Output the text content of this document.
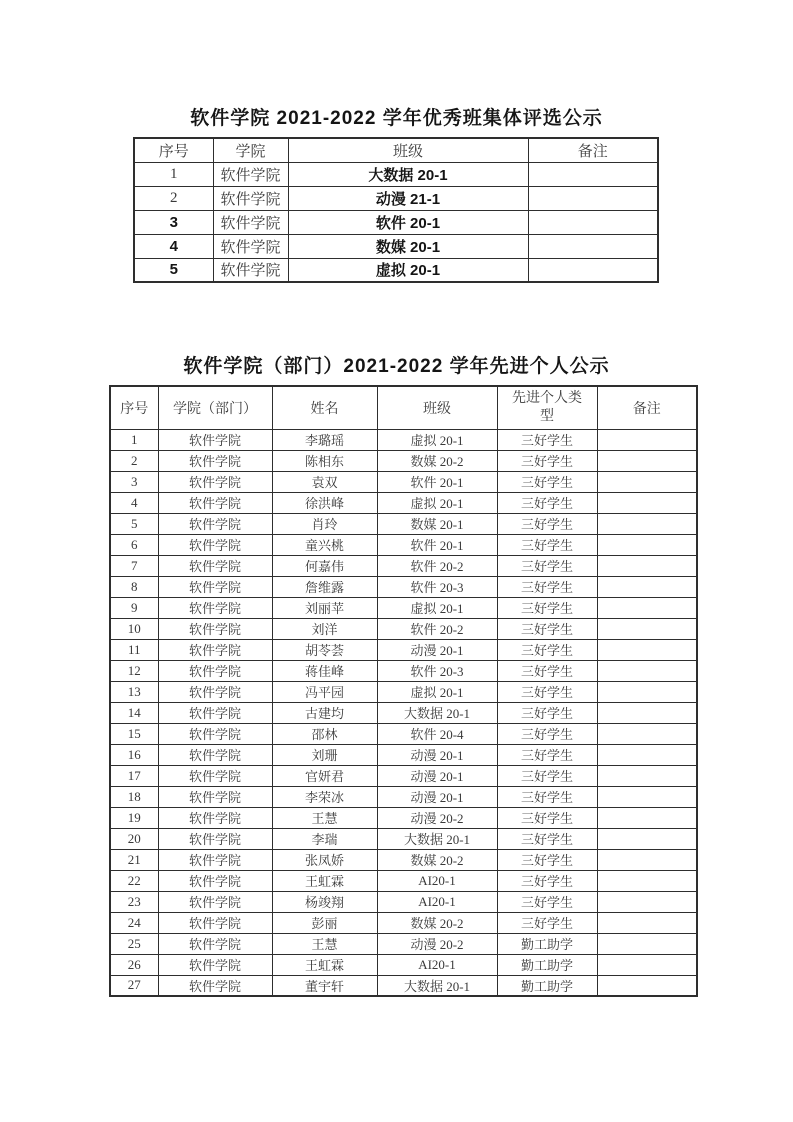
软件学院 2021-2022 学年优秀班集体评选公示
序号	学院	班级	备注
1	软件学院	大数据 20-1	
2	软件学院	动漫 21-1	
3	软件学院	软件 20-1	
4	软件学院	数媒 20-1	
5	软件学院	虚拟 20-1	
软件学院（部门）2021-2022 学年先进个人公示
序号	学院（部门）	姓名	班级	先进个人类型	备注
1	软件学院	李璐瑶	虚拟 20-1	三好学生	
2	软件学院	陈相东	数媒 20-2	三好学生	
3	软件学院	袁双	软件 20-1	三好学生	
4	软件学院	徐洪峰	虚拟 20-1	三好学生	
5	软件学院	肖玲	数媒 20-1	三好学生	
6	软件学院	童兴桃	软件 20-1	三好学生	
7	软件学院	何嘉伟	软件 20-2	三好学生	
8	软件学院	詹维露	软件 20-3	三好学生	
9	软件学院	刘丽苹	虚拟 20-1	三好学生	
10	软件学院	刘洋	软件 20-2	三好学生	
11	软件学院	胡苓荟	动漫 20-1	三好学生	
12	软件学院	蒋佳峰	软件 20-3	三好学生	
13	软件学院	冯平园	虚拟 20-1	三好学生	
14	软件学院	古建均	大数据 20-1	三好学生	
15	软件学院	邵林	软件 20-4	三好学生	
16	软件学院	刘珊	动漫 20-1	三好学生	
17	软件学院	官妍君	动漫 20-1	三好学生	
18	软件学院	李荣冰	动漫 20-1	三好学生	
19	软件学院	王慧	动漫 20-2	三好学生	
20	软件学院	李瑞	大数据 20-1	三好学生	
21	软件学院	张凤娇	数媒 20-2	三好学生	
22	软件学院	王虹霖	AI20-1	三好学生	
23	软件学院	杨竣翔	AI20-1	三好学生	
24	软件学院	彭丽	数媒 20-2	三好学生	
25	软件学院	王慧	动漫 20-2	勤工助学	
26	软件学院	王虹霖	AI20-1	勤工助学	
27	软件学院	董宇轩	大数据 20-1	勤工助学	
